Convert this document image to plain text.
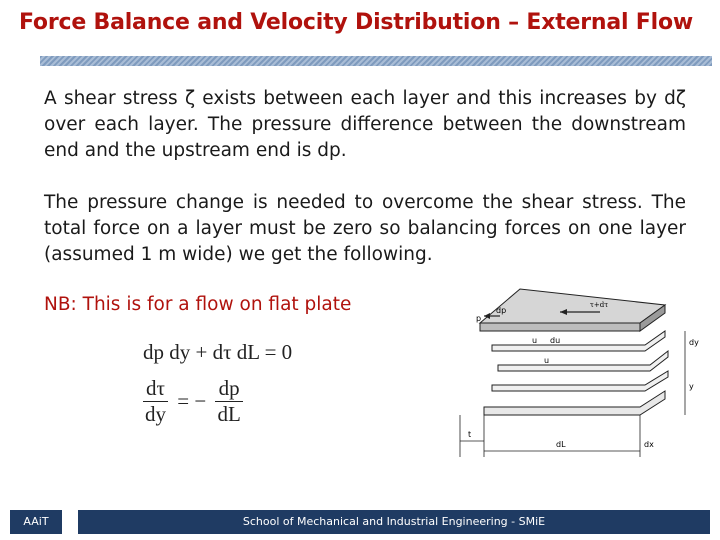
Force Balance and Velocity Distribution – External Flow
A shear stress ζ exists between each layer and this increases by dζ over each layer. The pressure difference between the downstream end and the upstream end is dp.
The pressure change is needed to overcome the shear stress. The total force on a layer must be zero so balancing forces on one layer (assumed 1 m wide) we get the following.
NB: This is for a flow on flat plate
dp dy + dτ dL = 0
$\frac{d\tau}{dy}$ = − $\frac{dp}{dL}$
p
dp
τ+dτ
u du
u
dy
y
t
dL	dx
AAiT	School of Mechanical and Industrial Engineering - SMiE
